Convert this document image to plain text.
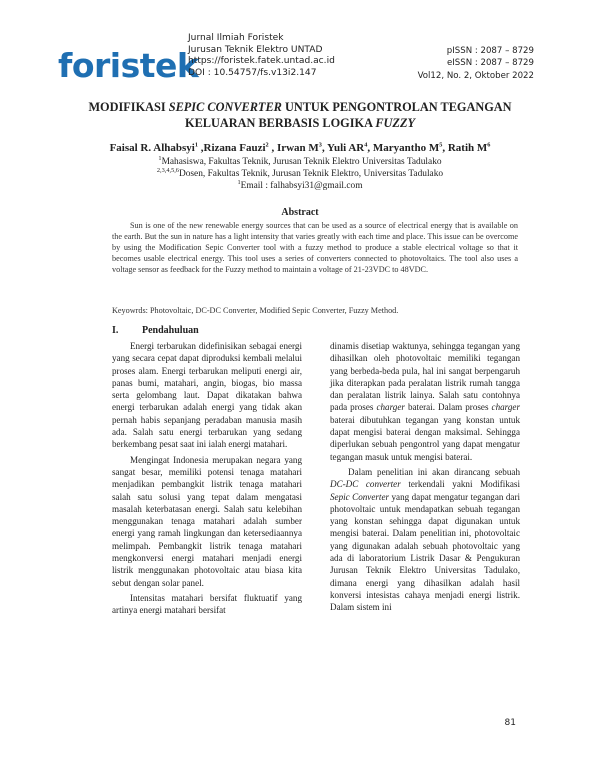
foristek
Jurnal Ilmiah Foristek
Jurusan Teknik Elektro UNTAD
https://foristek.fatek.untad.ac.id
DOI : 10.54757/fs.v13i2.147
pISSN : 2087 – 8729
eISSN : 2087 – 8729
Vol12, No. 2, Oktober 2022
MODIFIKASI SEPIC CONVERTER UNTUK PENGONTROLAN TEGANGAN
KELUARAN BERBASIS LOGIKA FUZZY
Faisal R. Alhabsyi$^1$ ,Rizana Fauzi$^2$ , Irwan $M^3$, Yuli $AR^4$, Maryantho $M^5$, Ratih $M^6$
$^1$Mahasiswa, Fakultas Teknik, Jurusan Teknik Elektro Universitas Tadulako
$^{2,3,4,5,6}$Dosen, Fakultas Teknik, Jurusan Teknik Elektro, Universitas Tadulako
$^1$Email : falhabsyi31@gmail.com
Abstract
Sun is one of the new renewable energy sources that can be used as a source of electrical energy that is available on the earth. But the sun in nature has a light intensity that varies greatly with each time and place. This issue can be overcome by using the Modification Sepic Converter tool with a fuzzy method to produce a stable electrical voltage so that it becomes usable electrical energy. This tool uses a series of converters connected to photovoltaics. The tool also uses a voltage sensor as feedback for the Fuzzy method to maintain a voltage of 21-23VDC to 48VDC.
Keyowrds: Photovoltaic, DC-DC Converter, Modified Sepic Converter, Fuzzy Method.
I. Pendahuluan

Energi terbarukan didefinisikan sebagai energi yang secara cepat dapat diproduksi kembali melalui proses alam. Energi terbarukan meliputi energi air, panas bumi, matahari, angin, biogas, bio massa serta gelombang laut. Dapat dikatakan bahwa energi terbarukan adalah energi yang tidak akan pernah habis sepanjang peradaban manusia masih ada. Salah satu energi terbarukan yang sedang berkembang pesat saat ini ialah energi matahari.

Mengingat Indonesia merupakan negara yang sangat besar, memiliki potensi tenaga matahari menjadikan pembangkit listrik tenaga matahari salah satu solusi yang tepat dalam mengatasi masalah keterbatasan energi. Salah satu kelebihan menggunakan tenaga matahari adalah sumber energi yang ramah lingkungan dan ketersediaannya melimpah. Pembangkit listrik tenaga matahari mengkonversi energi matahari menjadi energi listrik menggunakan photovoltaic atau biasa kita sebut dengan solar panel.

Intensitas matahari bersifat fluktuatif yang artinya energi matahari bersifat

dinamis disetiap waktunya, sehingga tegangan yang dihasilkan oleh photovoltaic memiliki tegangan yang berbeda-beda pula, hal ini sangat berpengaruh jika diterapkan pada peralatan listrik rumah tangga dan peralatan listrik lainya. Salah satu contohnya pada proses charger baterai. Dalam proses charger baterai dibutuhkan tegangan yang konstan untuk dapat mengisi baterai dengan maksimal. Sehingga diperlukan sebuah pengontrol yang dapat mengatur tegangan masuk untuk mengisi baterai.

Dalam penelitian ini akan dirancang sebuah DC-DC converter terkendali yakni Modifikasi Sepic Converter yang dapat mengatur tegangan dari photovoltaic untuk mendapatkan sebuah tegangan yang konstan sehingga dapat digunakan untuk mengisi baterai. Dalam penelitian ini, photovoltaic yang digunakan adalah sebuah photovoltaic yang ada di laboratorium Listrik Dasar & Pengukuran Jurusan Teknik Elektro Universitas Tadulako, dimana energi yang dihasilkan adalah hasil konversi intesistas cahaya menjadi energi listrik. Dalam sistem ini

81
